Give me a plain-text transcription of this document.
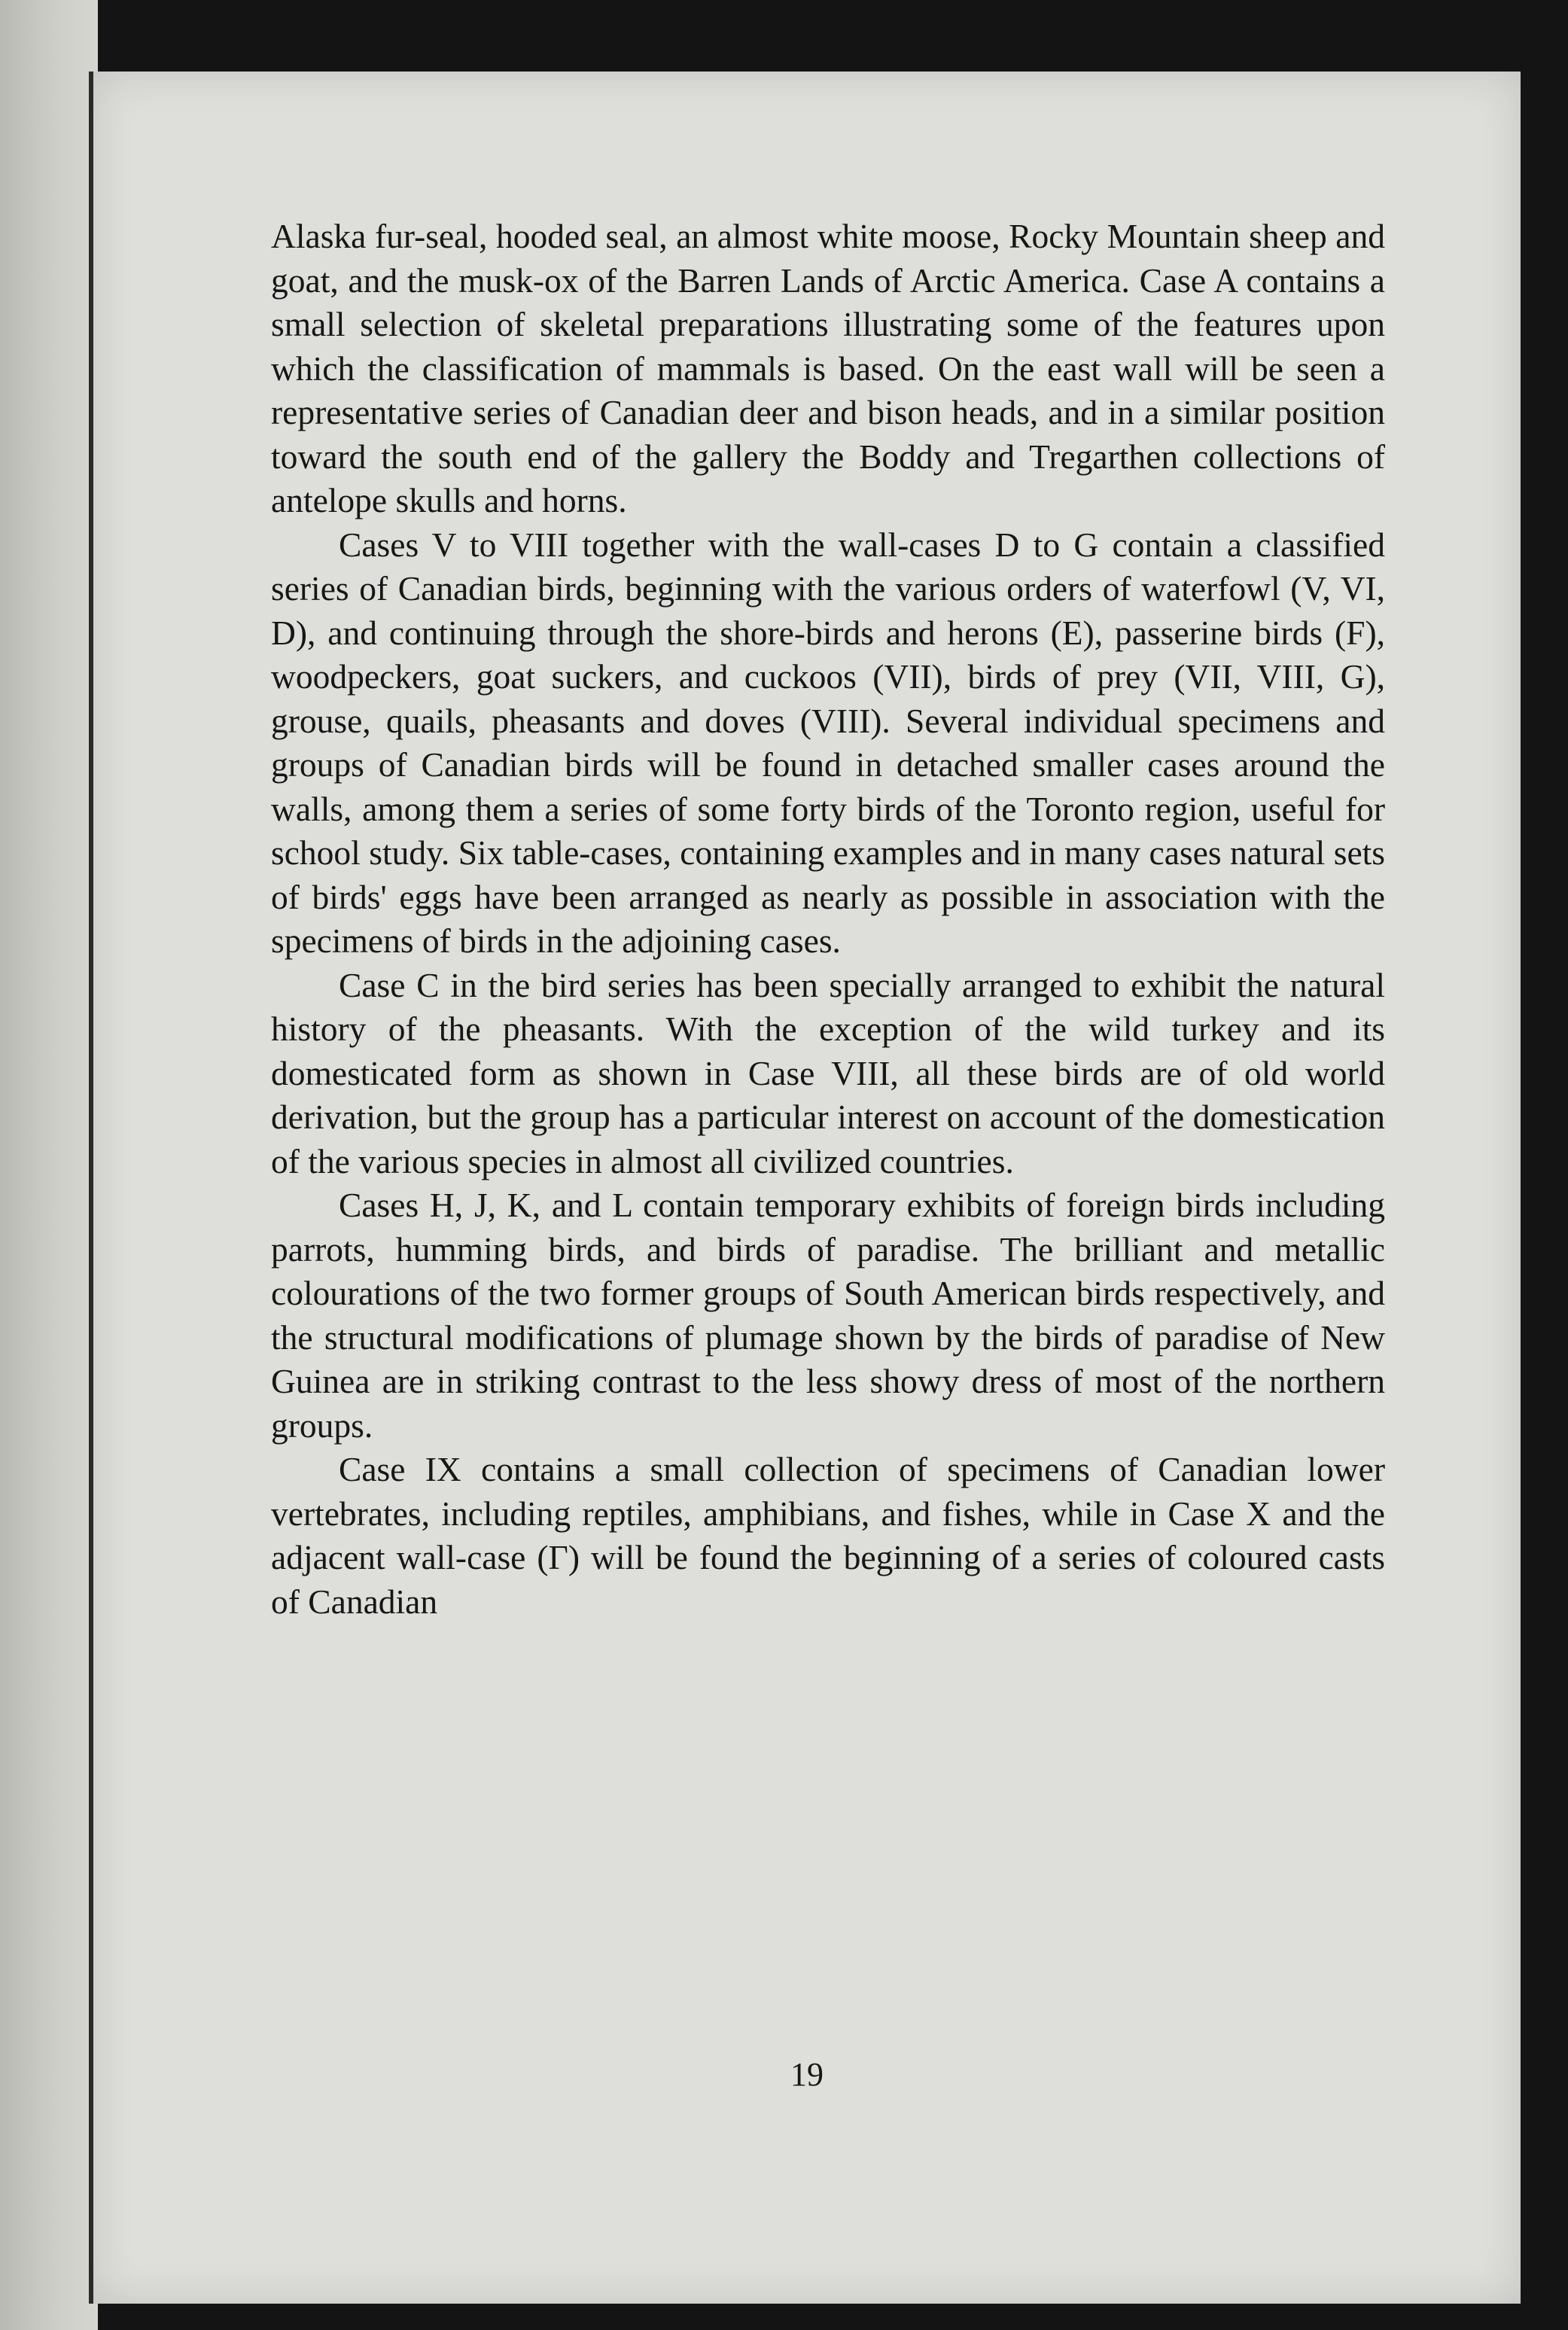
Alaska fur-seal, hooded seal, an almost white moose, Rocky Mountain sheep and goat, and the musk-ox of the Barren Lands of Arctic America. Case A contains a small selection of skeletal preparations illustrating some of the features upon which the classification of mammals is based. On the east wall will be seen a representative series of Canadian deer and bison heads, and in a similar position toward the south end of the gallery the Boddy and Tregarthen collections of antelope skulls and horns.

Cases V to VIII together with the wall-cases D to G contain a classified series of Canadian birds, beginning with the various orders of waterfowl (V, VI, D), and continuing through the shore-birds and herons (E), passerine birds (F), woodpeckers, goat suckers, and cuckoos (VII), birds of prey (VII, VIII, G), grouse, quails, pheasants and doves (VIII). Several individual specimens and groups of Canadian birds will be found in detached smaller cases around the walls, among them a series of some forty birds of the Toronto region, useful for school study. Six table-cases, containing examples and in many cases natural sets of birds' eggs have been arranged as nearly as possible in association with the specimens of birds in the adjoining cases.

Case C in the bird series has been specially arranged to exhibit the natural history of the pheasants. With the exception of the wild turkey and its domesticated form as shown in Case VIII, all these birds are of old world derivation, but the group has a particular interest on account of the domestication of the various species in almost all civilized countries.

Cases H, J, K, and L contain temporary exhibits of foreign birds including parrots, humming birds, and birds of paradise. The brilliant and metallic colourations of the two former groups of South American birds respectively, and the structural modifications of plumage shown by the birds of paradise of New Guinea are in striking contrast to the less showy dress of most of the northern groups.

Case IX contains a small collection of specimens of Canadian lower vertebrates, including reptiles, amphibians, and fishes, while in Case X and the adjacent wall-case (Γ) will be found the beginning of a series of coloured casts of Canadian

19
